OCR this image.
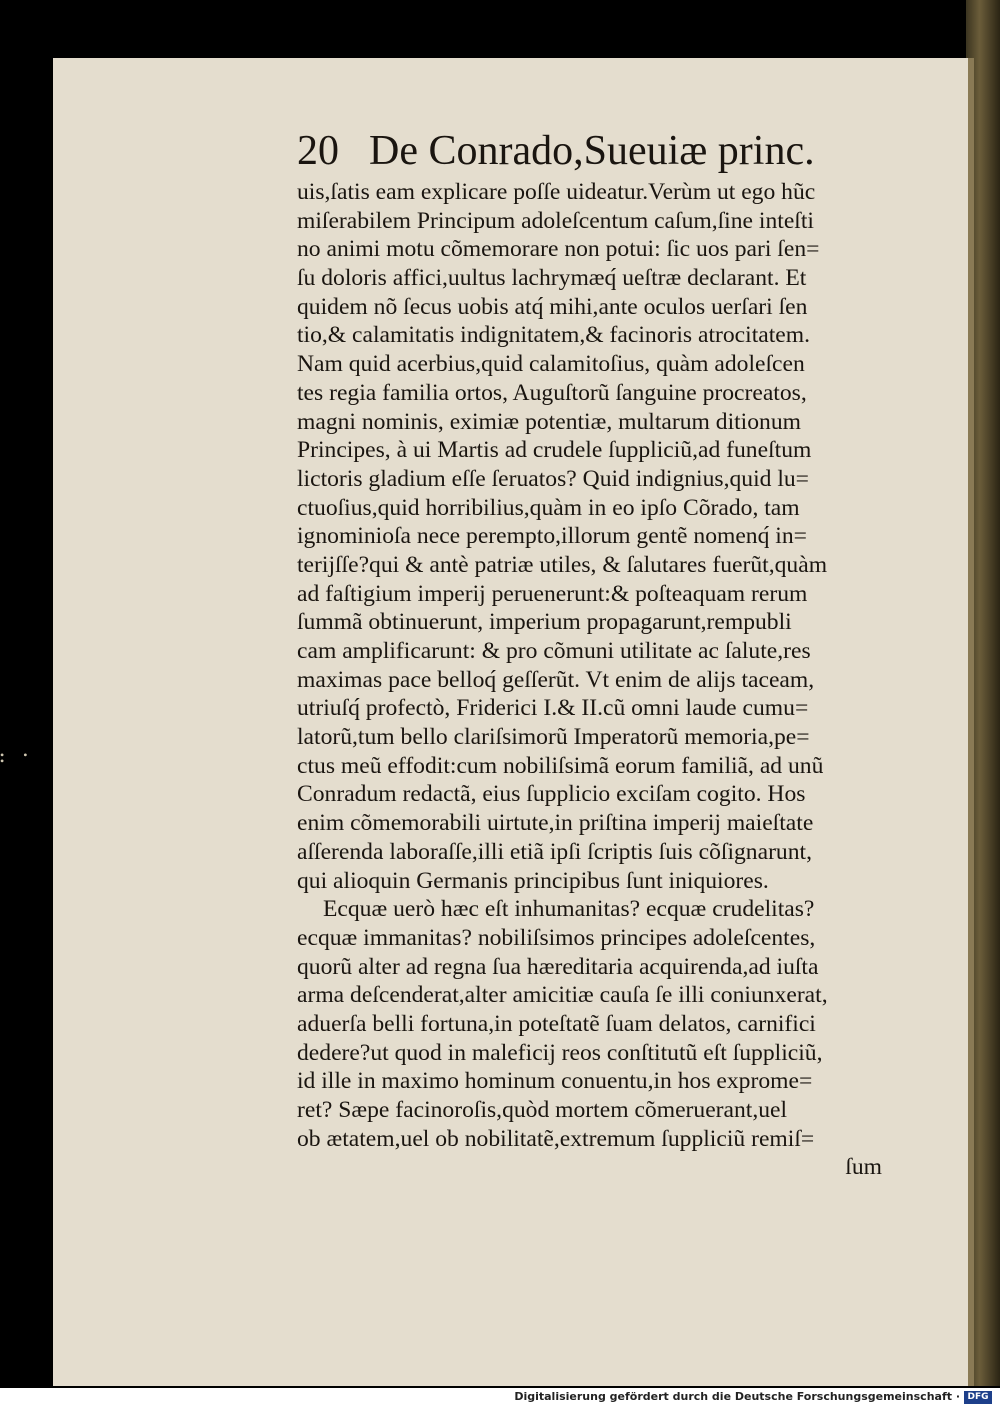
20 De Conrado,Sueuiæ princ.
uis,ſatis eam explicare poſſe uideatur.Verùm ut ego hũc
miſerabilem Principum adoleſcentum caſum,ſine inteſti
no animi motu cõmemorare non potui: ſic uos pari ſen=
ſu doloris affici,uultus lachrymæq́ ueſtræ declarant. Et
quidem nõ ſecus uobis atq́ mihi,ante oculos uerſari ſen
tio,& calamitatis indignitatem,& facinoris atrocitatem.
Nam quid acerbius,quid calamitoſius, quàm adoleſcen
tes regia familia ortos, Auguſtorũ ſanguine procreatos,
magni nominis, eximiæ potentiæ, multarum ditionum
Principes, à ui Martis ad crudele ſuppliciũ,ad funeſtum
lictoris gladium eſſe ſeruatos? Quid indignius,quid lu=
ctuoſius,quid horribilius,quàm in eo ipſo Cõrado, tam
ignominioſa nece perempto,illorum gentẽ nomenq́ in=
terijſſe?qui & antè patriæ utiles, & ſalutares fuerũt,quàm
ad faſtigium imperij peruenerunt:& poſteaquam rerum
ſummã obtinuerunt, imperium propagarunt,rempubli
cam amplificarunt: & pro cõmuni utilitate ac ſalute,res
maximas pace belloq́ geſſerũt. Vt enim de alijs taceam,
utriuſq́ profectò, Friderici I.& II.cũ omni laude cumu=
latorũ,tum bello clariſsimorũ Imperatorũ memoria,pe=
ctus meũ effodit:cum nobiliſsimã eorum familiã, ad unũ
Conradum redactã, eius ſupplicio exciſam cogito. Hos
enim cõmemorabili uirtute,in priſtina imperij maieſtate
aſſerenda laboraſſe,illi etiã ipſi ſcriptis ſuis cõſignarunt,
qui alioquin Germanis principibus ſunt iniquiores.
Ecquæ uerò hæc eſt inhumanitas? ecquæ crudelitas?
ecquæ immanitas? nobiliſsimos principes adoleſcentes,
quorũ alter ad regna ſua hæreditaria acquirenda,ad iuſta
arma deſcenderat,alter amicitiæ cauſa ſe illi coniunxerat,
aduerſa belli fortuna,in poteſtatẽ ſuam delatos, carnifici
dedere?ut quod in maleficij reos conſtitutũ eſt ſuppliciũ,
id ille in maximo hominum conuentu,in hos exprome=
ret? Sæpe facinoroſis,quòd mortem cõmeruerant,uel
ob ætatem,uel ob nobilitatẽ,extremum ſuppliciũ remiſ=
ſum
• • •
Digitalisierung gefördert durch die Deutsche Forschungsgemeinschaft · DFG
